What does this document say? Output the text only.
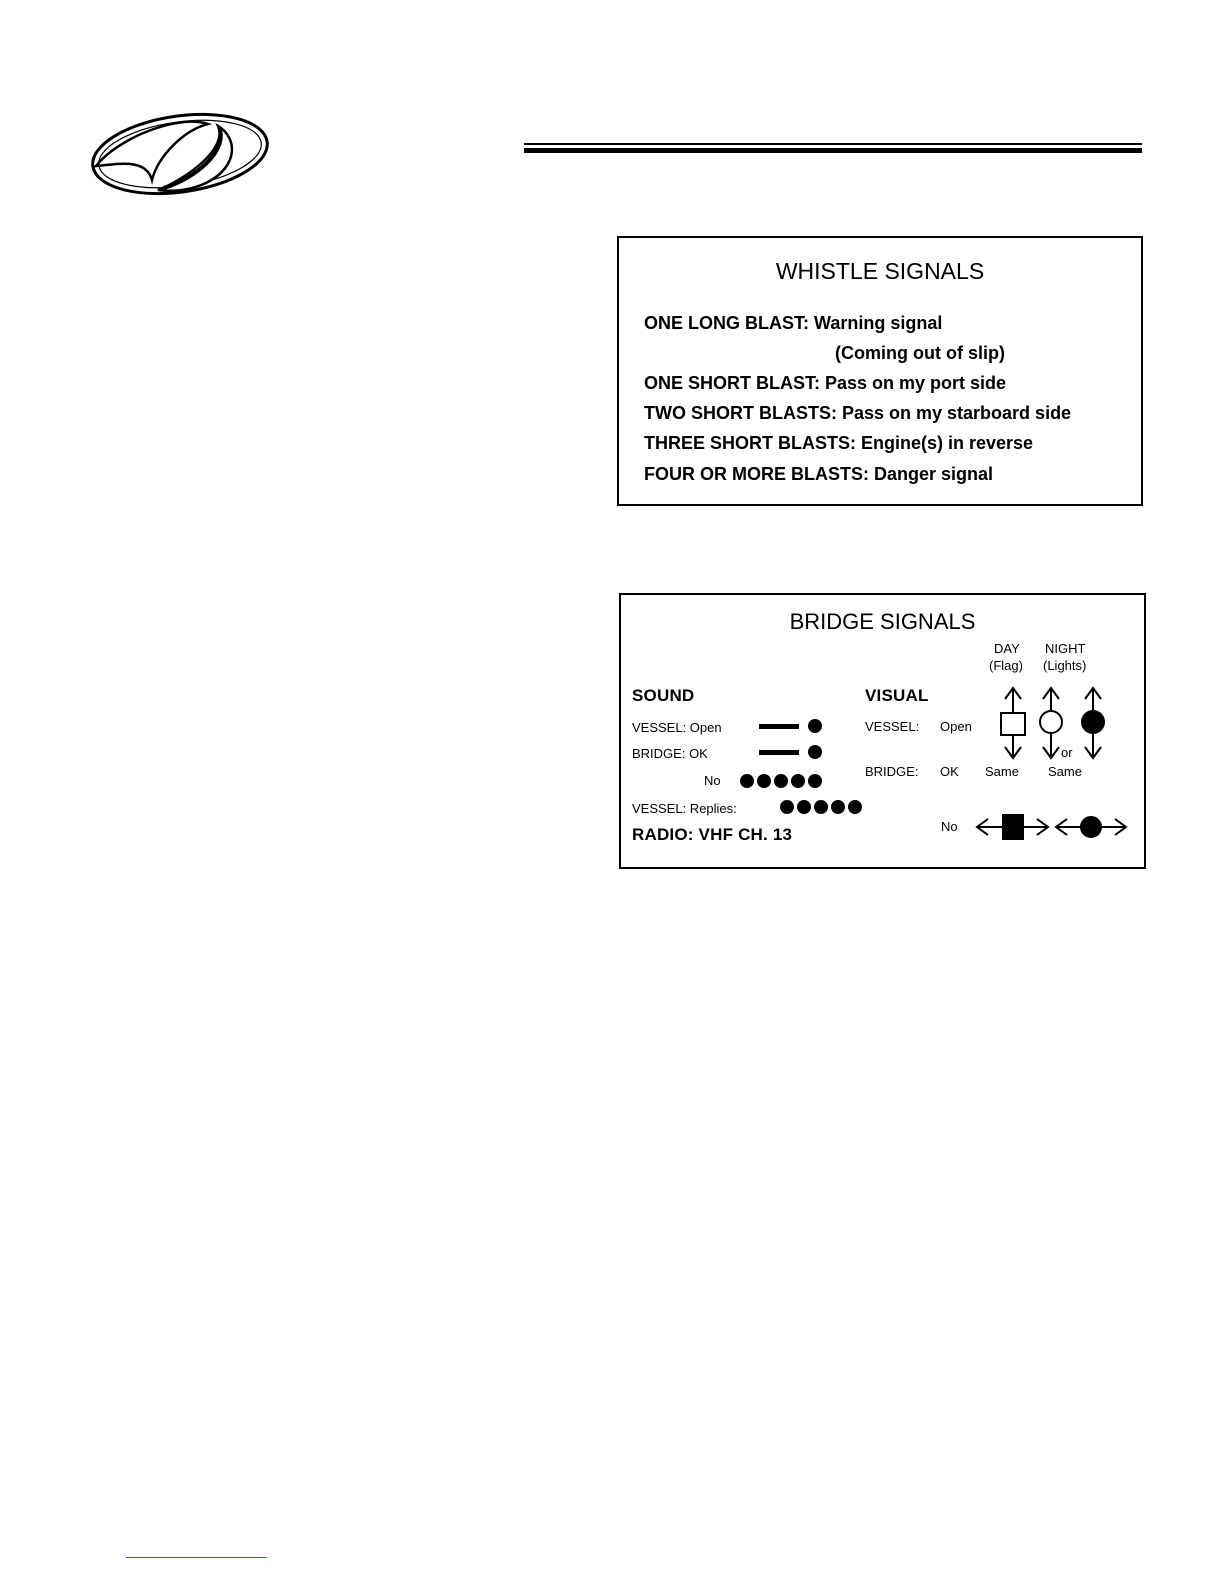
WHISTLE SIGNALS
ONE LONG BLAST: Warning signal
(Coming out of slip)
ONE SHORT BLAST: Pass on my port side
TWO SHORT BLASTS: Pass on my starboard side
THREE SHORT BLASTS: Engine(s) in reverse
FOUR OR MORE BLASTS: Danger signal
BRIDGE SIGNALS
DAY
(Flag)
NIGHT
(Lights)
SOUND
VESSEL: Open
BRIDGE: OK
No
VESSEL: Replies:
RADIO: VHF CH. 13
VISUAL
VESSEL: Open
BRIDGE: OK Same Same
or
No
